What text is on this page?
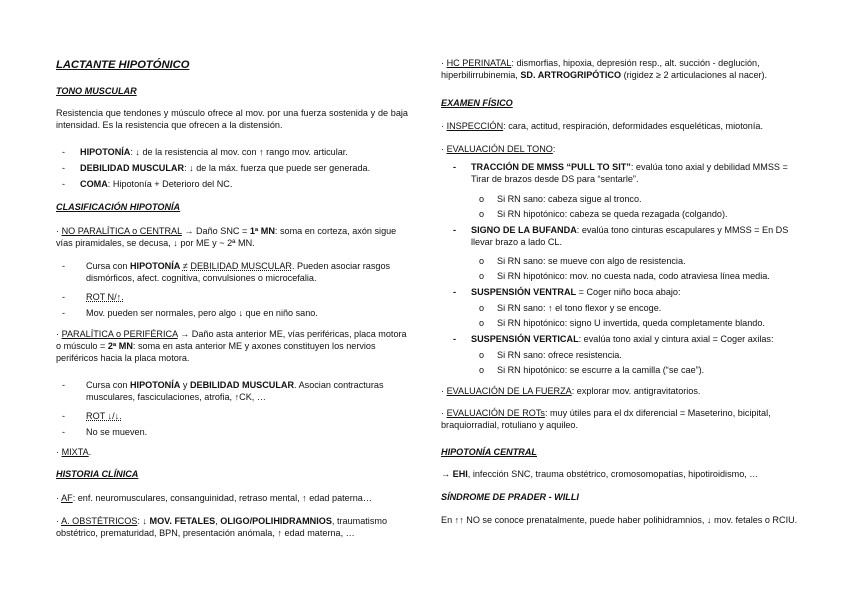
LACTANTE HIPOTÓNICO
TONO MUSCULAR
Resistencia que tendones y músculo ofrece al mov. por una fuerza sostenida y de baja intensidad. Es la resistencia que ofrecen a la distensión.
- HIPOTONÍA: ↓ de la resistencia al mov. con ↑ rango mov. articular.
- DEBILIDAD MUSCULAR: ↓ de la máx. fuerza que puede ser generada.
- COMA: Hipotonía + Deterioro del NC.
CLASIFICACIÓN HIPOTONÍA
· NO PARALÍTICA o CENTRAL → Daño SNC = 1ª MN: soma en corteza, axón sigue vías piramidales, se decusa, ↓ por ME y ~ 2ª MN.
- Cursa con HIPOTONÍA ≠ DEBILIDAD MUSCULAR. Pueden asociar rasgos dismórficos, afect. cognitiva, convulsiones o microcefalia.
- ROT N/↑.
- Mov. pueden ser normales, pero algo ↓ que en niño sano.
· PARALÍTICA o PERIFÉRICA → Daño asta anterior ME, vías periféricas, placa motora o músculo = 2ª MN: soma en asta anterior ME y axones constituyen los nervios periféricos hacia la placa motora.
- Cursa con HIPOTONÍA y DEBILIDAD MUSCULAR. Asocian contracturas musculares, fasciculaciones, atrofia, ↑CK, …
- ROT ↓/↓.
- No se mueven.
· MIXTA.
HISTORIA CLÍNICA
· AF: enf. neuromusculares, consanguinidad, retraso mental, ↑ edad paterna…
· A. OBSTÉTRICOS: ↓ MOV. FETALES, OLIGO/POLIHIDRAMNIOS, traumatismo obstétrico, prematuridad, BPN, presentación anómala, ↑ edad materna, …
· HC PERINATAL: dismorfias, hipoxia, depresión resp., alt. succión - deglución, hiperbilirrubinemia, SD. ARTROGRIPÓTICO (rigidez ≥ 2 articulaciones al nacer).
EXAMEN FÍSICO
· INSPECCIÓN: cara, actitud, respiración, deformidades esqueléticas, miotonía.
· EVALUACIÓN DEL TONO:
- TRACCIÓN DE MMSS “PULL TO SIT”: evalúa tono axial y debilidad MMSS = Tirar de brazos desde DS para “sentarle”.
o Si RN sano: cabeza sigue al tronco.
o Si RN hipotónico: cabeza se queda rezagada (colgando).
- SIGNO DE LA BUFANDA: evalúa tono cinturas escapulares y MMSS = En DS llevar brazo a lado CL.
o Si RN sano: se mueve con algo de resistencia.
o Si RN hipotónico: mov. no cuesta nada, codo atraviesa línea media.
- SUSPENSIÓN VENTRAL = Coger niño boca abajo:
o Si RN sano: ↑ el tono flexor y se encoge.
o Si RN hipotónico: signo U invertida, queda completamente blando.
- SUSPENSIÓN VERTICAL: evalúa tono axial y cintura axial = Coger axilas:
o Si RN sano: ofrece resistencia.
o Si RN hipotónico: se escurre a la camilla (“se cae”).
· EVALUACIÓN DE LA FUERZA: explorar mov. antigravitatorios.
· EVALUACIÓN DE ROTs: muy útiles para el dx diferencial = Maseterino, bicipital, braquiorradial, rotuliano y aquileo.
HIPOTONÍA CENTRAL
→ EHI, infección SNC, trauma obstétrico, cromosomopatías, hipotiroidismo, …
SÍNDROME DE PRADER - WILLI
En ↑↑ NO se conoce prenatalmente, puede haber polihidramnios, ↓ mov. fetales o RCIU.
